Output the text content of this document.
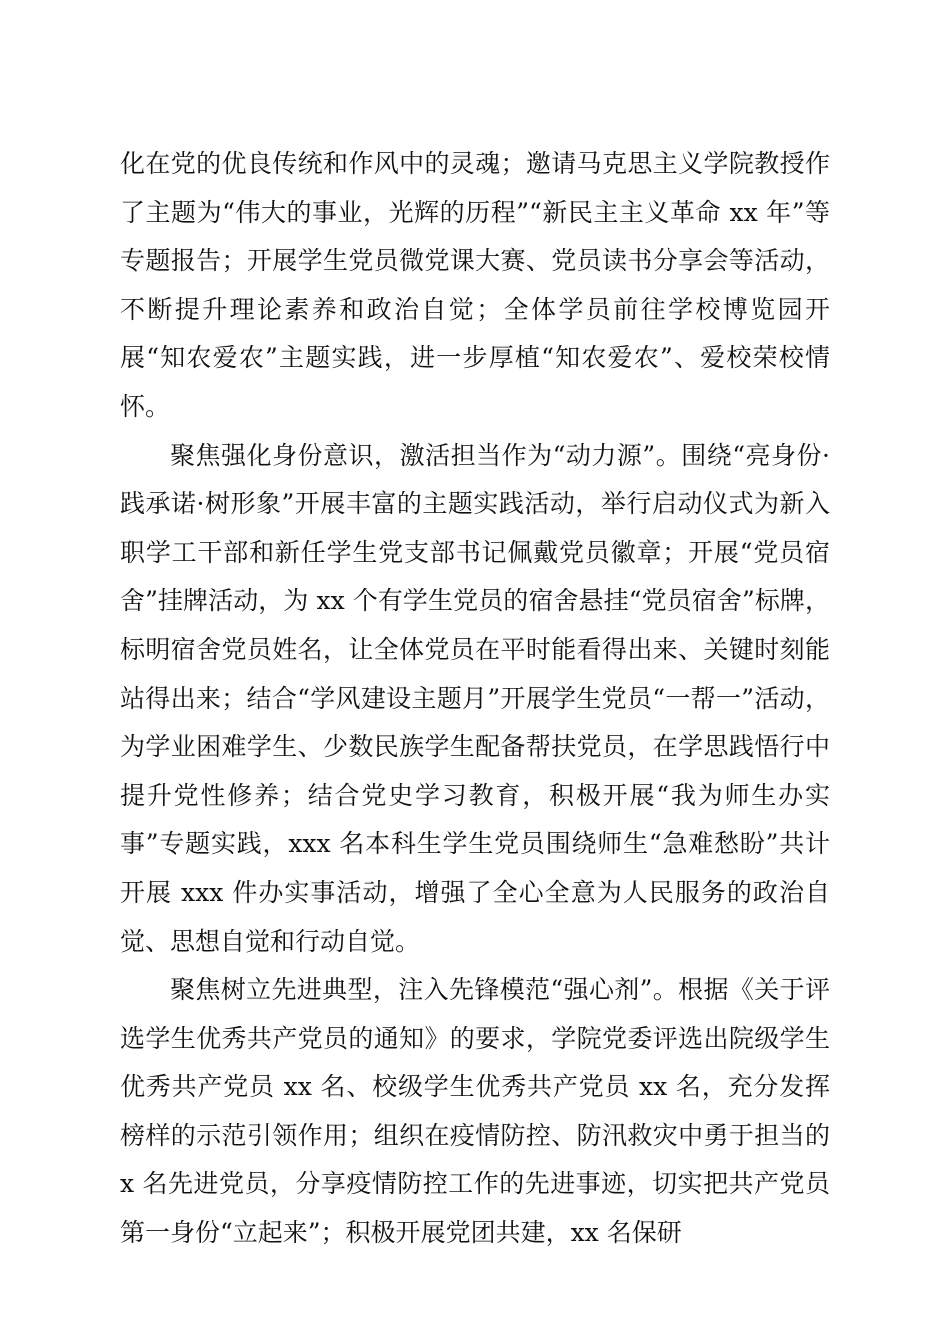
化在党的优良传统和作风中的灵魂；邀请马克思主义学院教授作了主题为“伟大的事业，光辉的历程”“新民主主义革命 xx 年”等专题报告；开展学生党员微党课大赛、党员读书分享会等活动，不断提升理论素养和政治自觉；全体学员前往学校博览园开展“知农爱农”主题实践，进一步厚植“知农爱农”、爱校荣校情怀。

聚焦强化身份意识，激活担当作为“动力源”。围绕“亮身份·践承诺·树形象”开展丰富的主题实践活动，举行启动仪式为新入职学工干部和新任学生党支部书记佩戴党员徽章；开展“党员宿舍”挂牌活动，为 xx 个有学生党员的宿舍悬挂“党员宿舍”标牌，标明宿舍党员姓名，让全体党员在平时能看得出来、关键时刻能站得出来；结合“学风建设主题月”开展学生党员“一帮一”活动，为学业困难学生、少数民族学生配备帮扶党员，在学思践悟行中提升党性修养；结合党史学习教育，积极开展“我为师生办实事”专题实践，xxx 名本科生学生党员围绕师生“急难愁盼”共计开展 xxx 件办实事活动，增强了全心全意为人民服务的政治自觉、思想自觉和行动自觉。

聚焦树立先进典型，注入先锋模范“强心剂”。根据《关于评选学生优秀共产党员的通知》的要求，学院党委评选出院级学生优秀共产党员 xx 名、校级学生优秀共产党员 xx 名，充分发挥榜样的示范引领作用；组织在疫情防控、防汛救灾中勇于担当的 x 名先进党员，分享疫情防控工作的先进事迹，切实把共产党员第一身份“立起来”；积极开展党团共建，xx 名保研
